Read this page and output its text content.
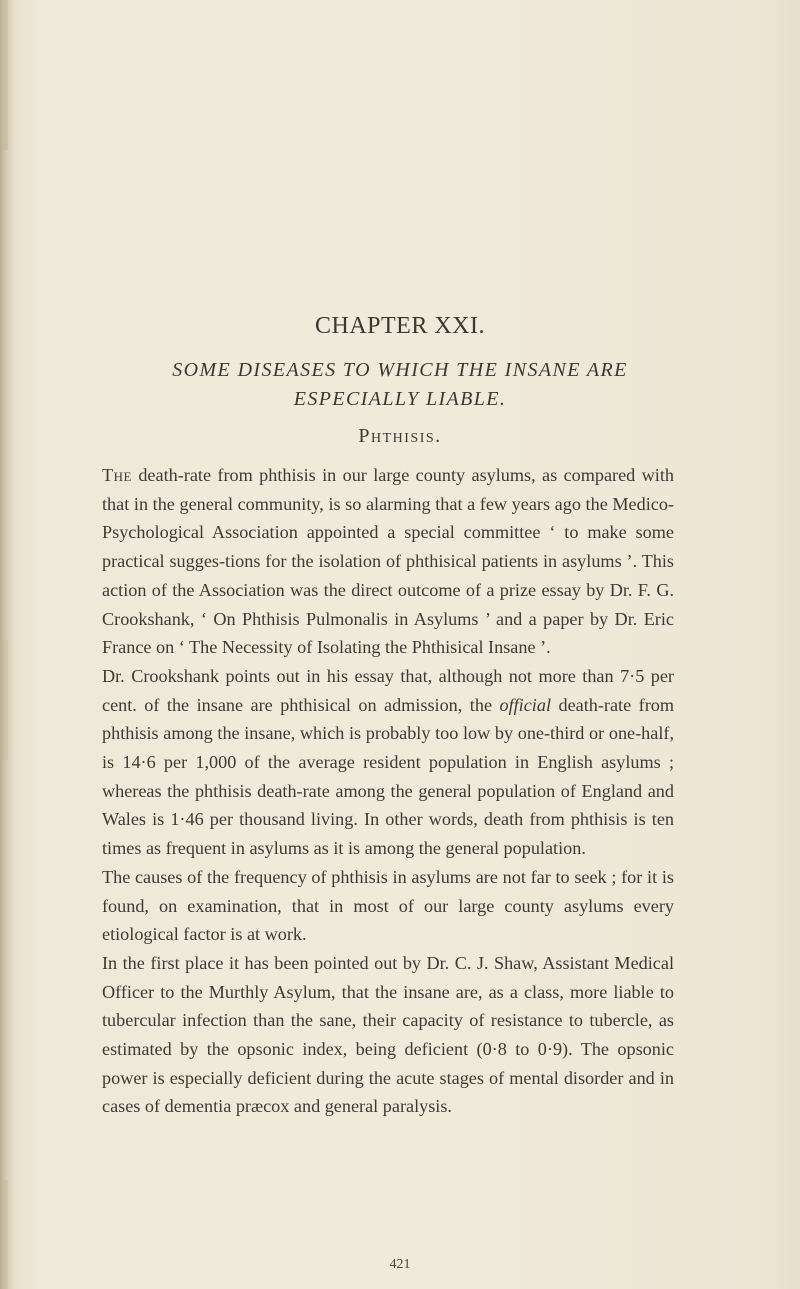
CHAPTER XXI.
SOME DISEASES TO WHICH THE INSANE ARE
ESPECIALLY LIABLE.
Phthisis.

The death-rate from phthisis in our large county asylums, as compared with that in the general community, is so alarming that a few years ago the Medico-Psychological Association appointed a special committee ‘ to make some practical sugges-tions for the isolation of phthisical patients in asylums ’. This action of the Association was the direct outcome of a prize essay by Dr. F. G. Crookshank, ‘ On Phthisis Pulmonalis in Asylums ’ and a paper by Dr. Eric France on ‘ The Necessity of Isolating the Phthisical Insane ’.

Dr. Crookshank points out in his essay that, although not more than 7·5 per cent. of the insane are phthisical on admission, the official death-rate from phthisis among the insane, which is probably too low by one-third or one-half, is 14·6 per 1,000 of the average resident population in English asylums ; whereas the phthisis death-rate among the general population of England and Wales is 1·46 per thousand living. In other words, death from phthisis is ten times as frequent in asylums as it is among the general population.

The causes of the frequency of phthisis in asylums are not far to seek ; for it is found, on examination, that in most of our large county asylums every etiological factor is at work.

In the first place it has been pointed out by Dr. C. J. Shaw, Assistant Medical Officer to the Murthly Asylum, that the insane are, as a class, more liable to tubercular infection than the sane, their capacity of resistance to tubercle, as estimated by the opsonic index, being deficient (0·8 to 0·9). The opsonic power is especially deficient during the acute stages of mental disorder and in cases of dementia præcox and general paralysis.

421
